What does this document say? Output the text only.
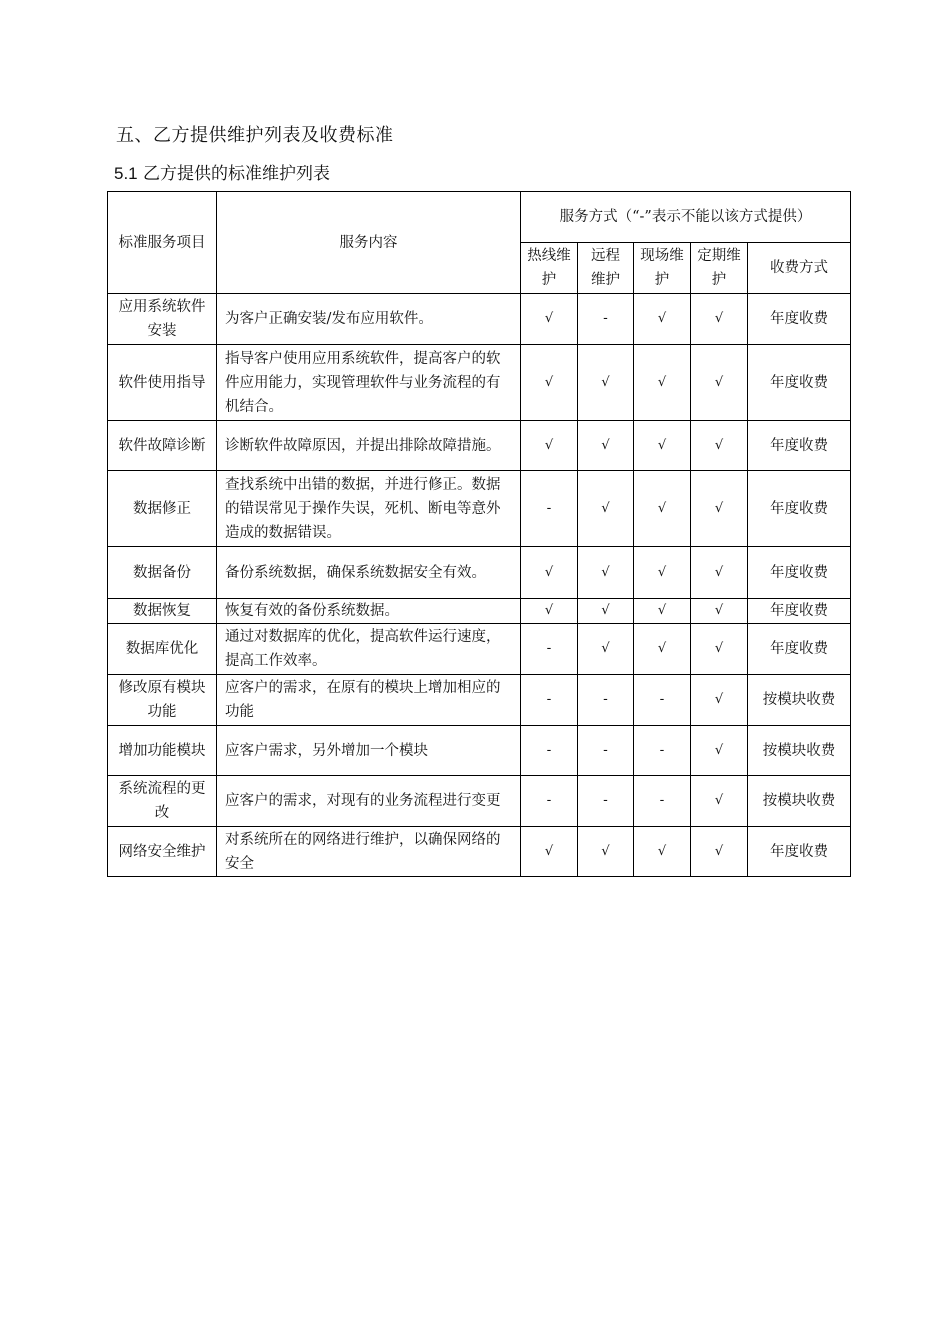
五、乙方提供维护列表及收费标准
5.1 乙方提供的标准维护列表
标准服务项目	服务内容	服务方式（“-”表示不能以该方式提供）				
		热线维护	远程维护	现场维护	定期维护	收费方式
应用系统软件安装	为客户正确安装/发布应用软件。	√	-	√	√	年度收费
软件使用指导	指导客户使用应用系统软件，提高客户的软件应用能力，实现管理软件与业务流程的有机结合。	√	√	√	√	年度收费
软件故障诊断	诊断软件故障原因，并提出排除故障措施。	√	√	√	√	年度收费
数据修正	查找系统中出错的数据，并进行修正。数据的错误常见于操作失误，死机、断电等意外造成的数据错误。	-	√	√	√	年度收费
数据备份	备份系统数据，确保系统数据安全有效。	√	√	√	√	年度收费
数据恢复	恢复有效的备份系统数据。	√	√	√	√	年度收费
数据库优化	通过对数据库的优化，提高软件运行速度，提高工作效率。	-	√	√	√	年度收费
修改原有模块功能	应客户的需求，在原有的模块上增加相应的功能	-	-	-	√	按模块收费
增加功能模块	应客户需求，另外增加一个模块	-	-	-	√	按模块收费
系统流程的更改	应客户的需求，对现有的业务流程进行变更	-	-	-	√	按模块收费
网络安全维护	对系统所在的网络进行维护，以确保网络的安全	√	√	√	√	年度收费
